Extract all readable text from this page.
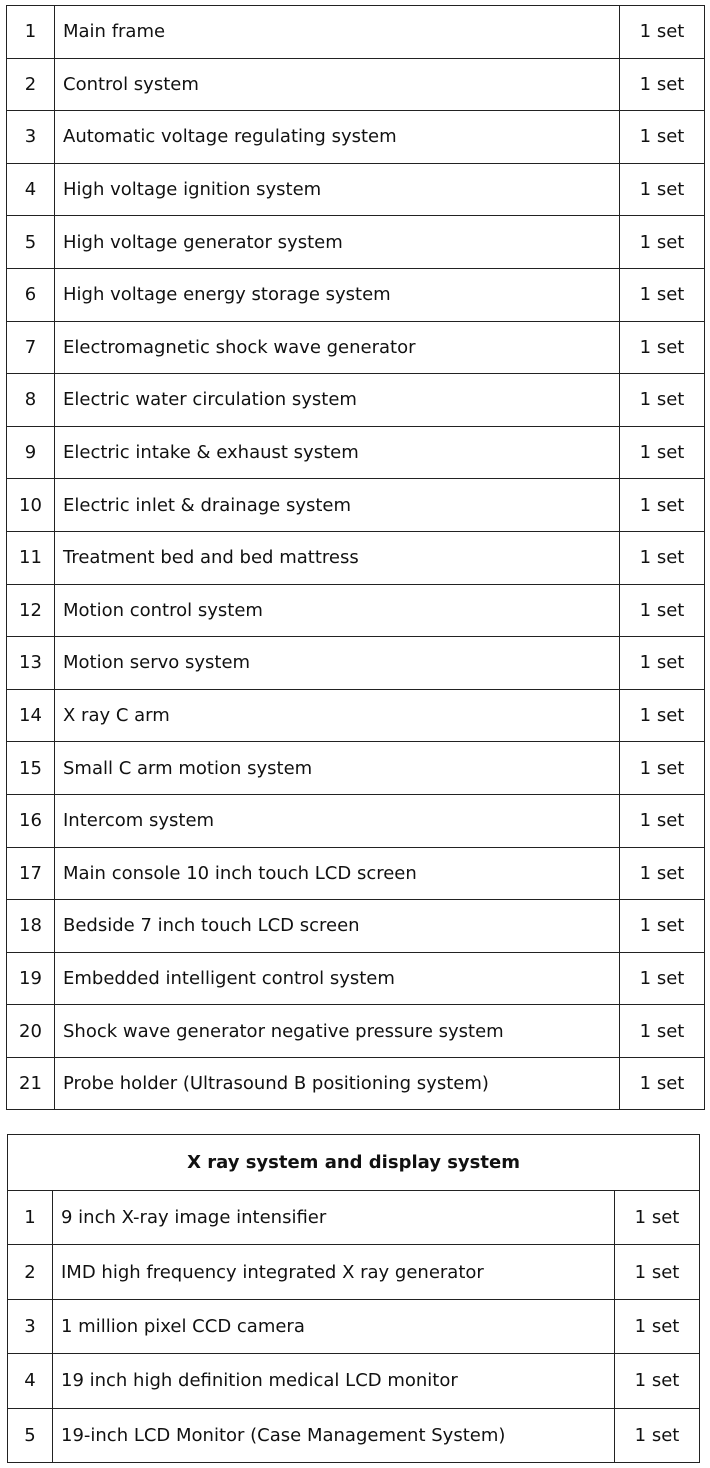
1	Main frame	1 set
2	Control system	1 set
3	Automatic voltage regulating system	1 set
4	High voltage ignition system	1 set
5	High voltage generator system	1 set
6	High voltage energy storage system	1 set
7	Electromagnetic shock wave generator	1 set
8	Electric water circulation system	1 set
9	Electric intake & exhaust system	1 set
10	Electric inlet & drainage system	1 set
11	Treatment bed and bed mattress	1 set
12	Motion control system	1 set
13	Motion servo system	1 set
14	X ray C arm	1 set
15	Small C arm motion system	1 set
16	Intercom system	1 set
17	Main console 10 inch touch LCD screen	1 set
18	Bedside 7 inch touch LCD screen	1 set
19	Embedded intelligent control system	1 set
20	Shock wave generator negative pressure system	1 set
21	Probe holder (Ultrasound B positioning system)	1 set
X ray system and display system		
1	9 inch X-ray image intensifier	1 set
2	IMD high frequency integrated X ray generator	1 set
3	1 million pixel CCD camera	1 set
4	19 inch high definition medical LCD monitor	1 set
5	19-inch LCD Monitor (Case Management System)	1 set
